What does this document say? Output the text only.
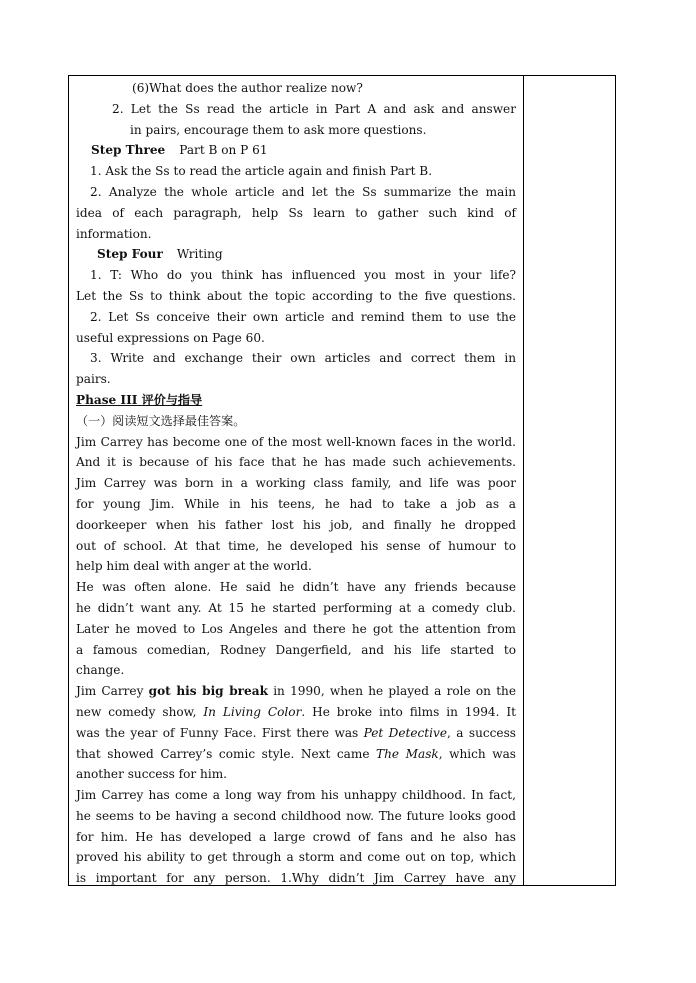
(6)What does the author realize now?

2. Let the Ss read the article in Part A and ask and answer

in pairs, encourage them to ask more questions.

Step Three Part B on P 61

1. Ask the Ss to read the article again and finish Part B.

2. Analyze the whole article and let the Ss summarize the main

idea of each paragraph, help Ss learn to gather such kind of

information.

Step Four Writing

1. T: Who do you think has influenced you most in your life?

Let the Ss to think about the topic according to the five questions.

2. Let Ss conceive their own article and remind them to use the

useful expressions on Page 60.

3. Write and exchange their own articles and correct them in

pairs.

Phase III 评价与指导

（一）阅读短文选择最佳答案。

Jim Carrey has become one of the most well-known faces in the world.

And it is because of his face that he has made such achievements.

Jim Carrey was born in a working class family, and life was poor

for young Jim. While in his teens, he had to take a job as a

doorkeeper when his father lost his job, and finally he dropped

out of school. At that time, he developed his sense of humour to

help him deal with anger at the world.

He was often alone. He said he didn’t have any friends because

he didn’t want any. At 15 he started performing at a comedy club.

Later he moved to Los Angeles and there he got the attention from

a famous comedian, Rodney Dangerfield, and his life started to

change.

Jim Carrey got his big break in 1990, when he played a role on the

new comedy show, In Living Color. He broke into films in 1994. It

was the year of Funny Face. First there was Pet Detective, a success

that showed Carrey’s comic style. Next came The Mask, which was

another success for him.

Jim Carrey has come a long way from his unhappy childhood. In fact,

he seems to be having a second childhood now. The future looks good

for him. He has developed a large crowd of fans and he also has

proved his ability to get through a storm and come out on top, which

is important for any person. 1.Why didn’t Jim Carrey have any
